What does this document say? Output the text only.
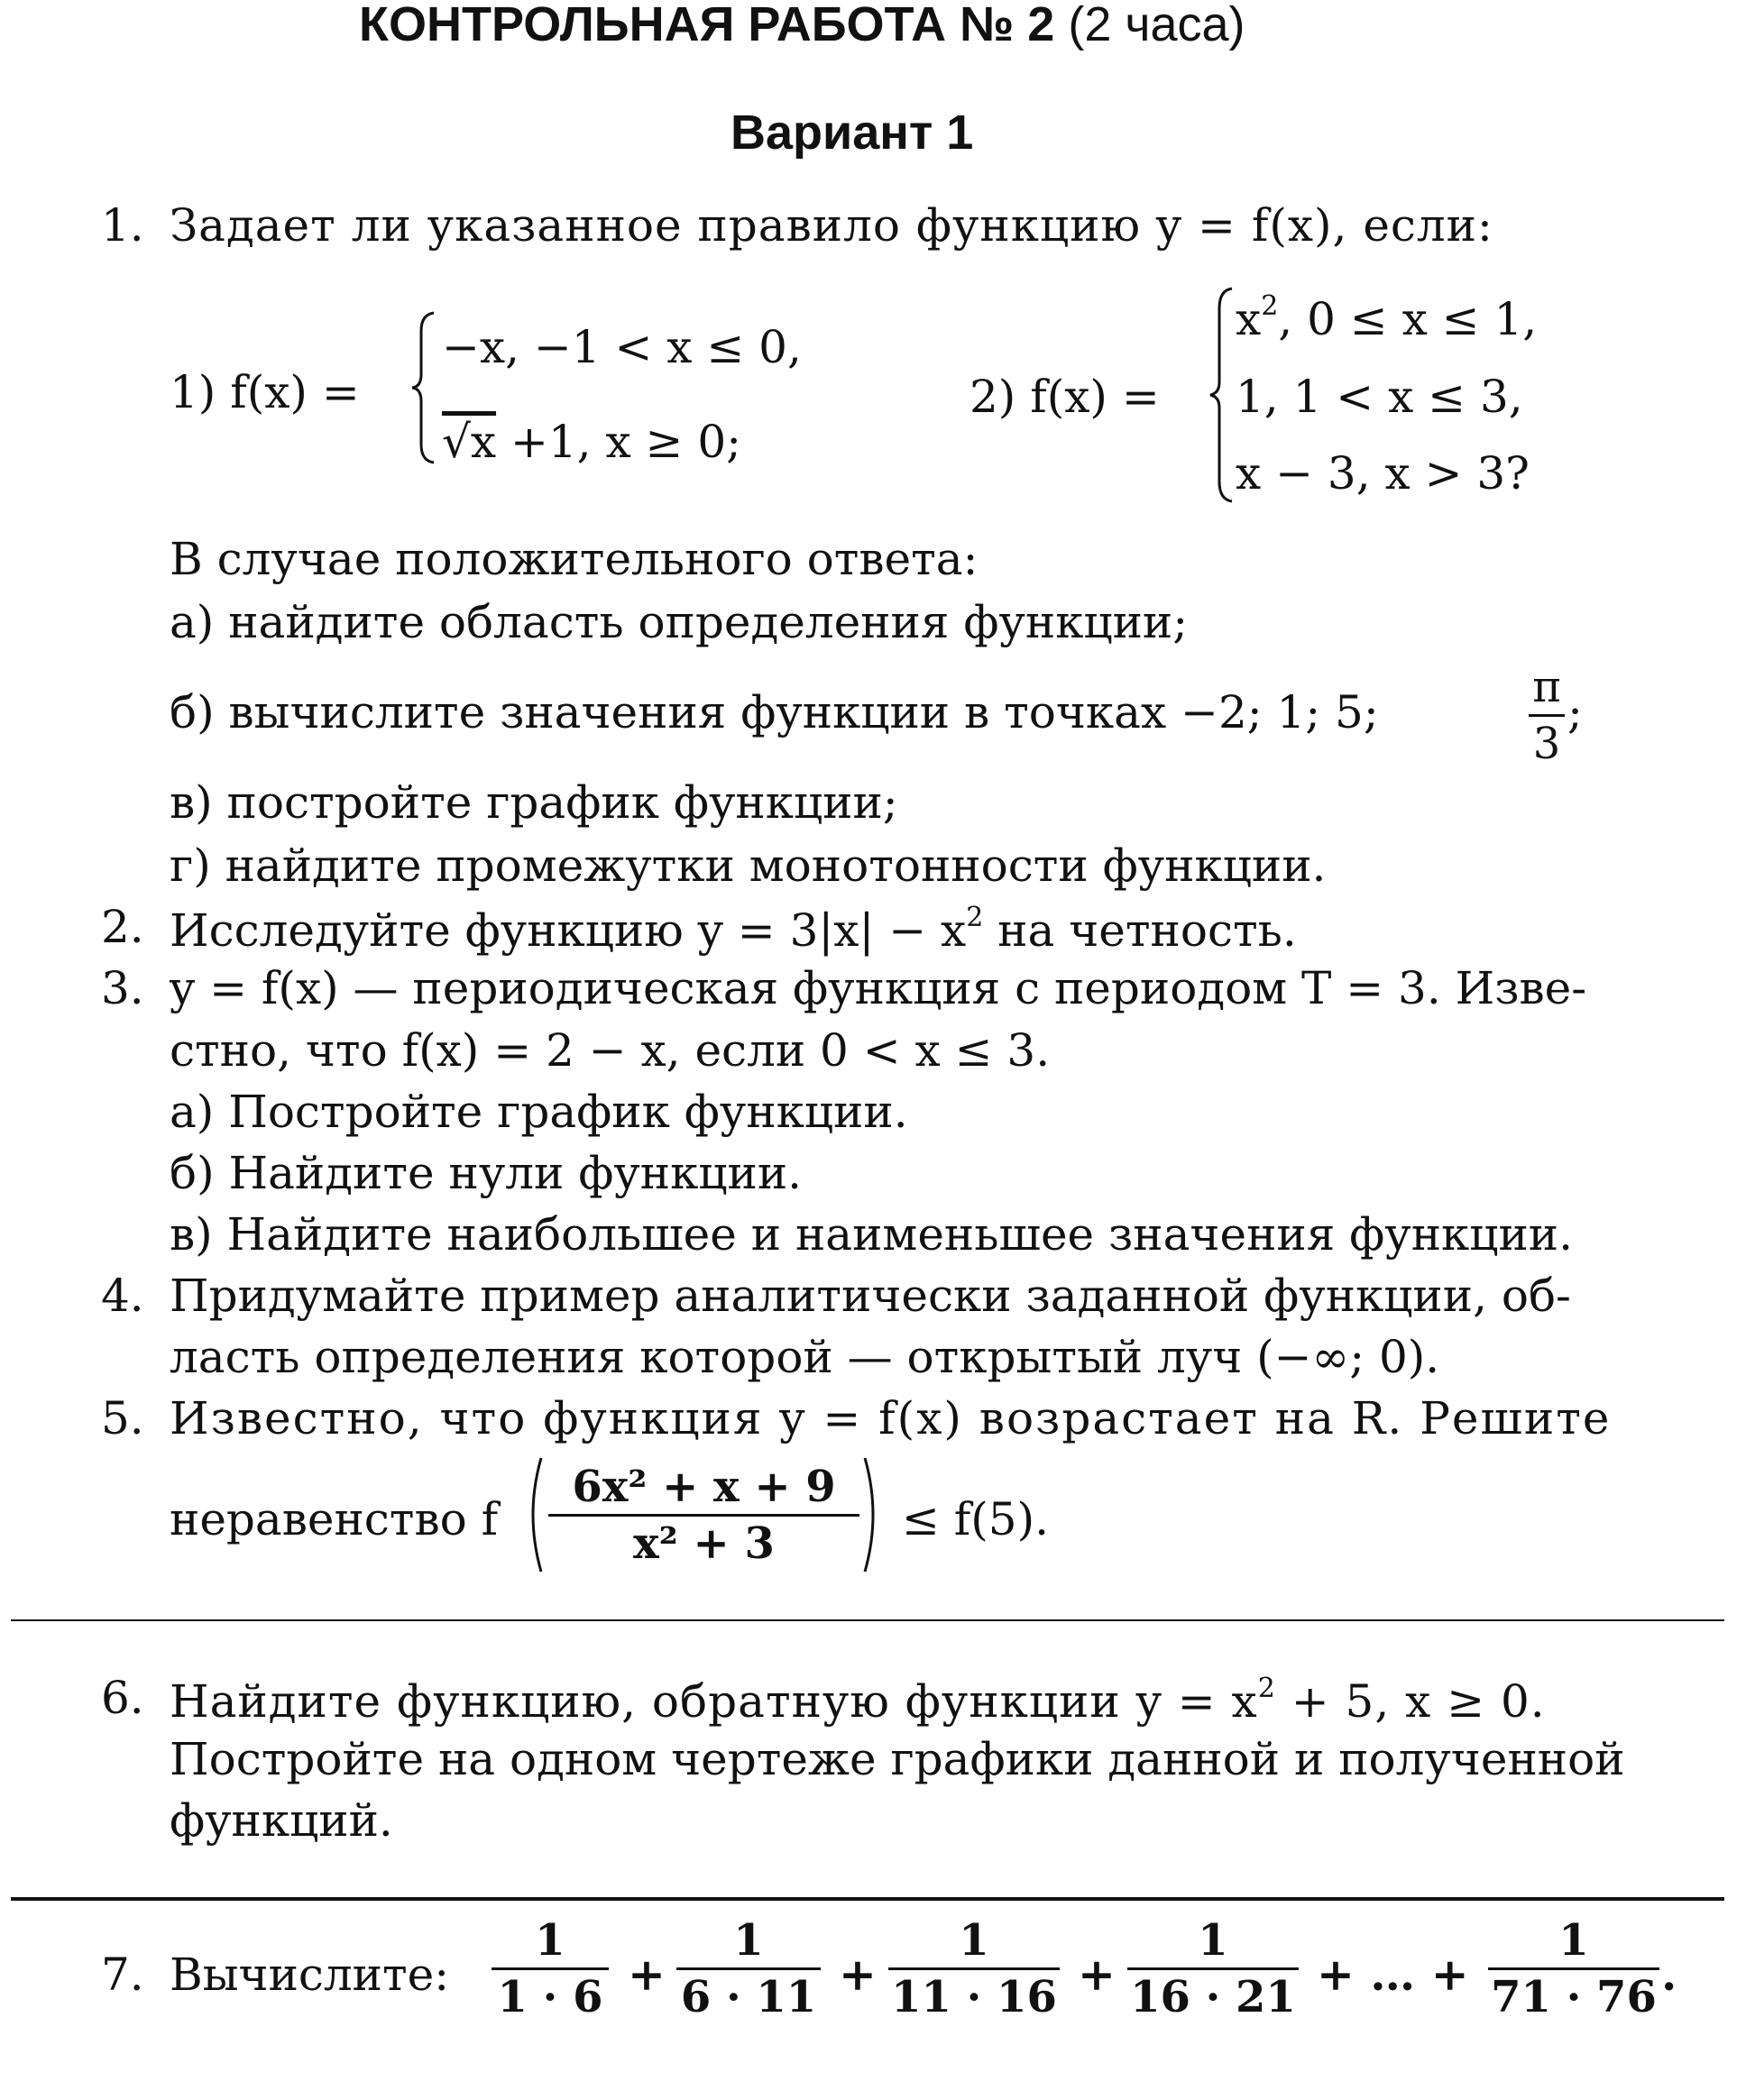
КОНТРОЛЬНАЯ РАБОТА № 2 (2 часа)
Вариант 1
1. Задает ли указанное правило функцию y = f(x), если:
1) f(x) =
−x, −1 < x ≤ 0,
√x +1, x ≥ 0;
2) f(x) =
$x^2$, 0 ≤ x ≤ 1,
1, 1 < x ≤ 3,
x − 3, x > 3?
В случае положительного ответа:
а) найдите область определения функции;
б) вычислите значения функции в точках −2; 1; 5;	π
3
;
в) постройте график функции;
г) найдите промежутки монотонности функции.
2. Исследуйте функцию $y = 3|x| - x^2$ на четность.
3. y = f(x) — периодическая функция с периодом T = 3. Изве-
стно, что f(x) = 2 − x, если 0 < x ≤ 3.
а) Постройте график функции.
б) Найдите нули функции.
в) Найдите наибольшее и наименьшее значения функции.
4. Придумайте пример аналитически заданной функции, об-
ласть определения которой — открытый луч (−∞; 0).
5. Известно, что функция y = f(x) возрастает на R. Решите
неравенство f
6x² + x + 9
x² + 3	≤ f(5).
6. Найдите функцию, обратную функции $y = x^2 + 5$, x ≥ 0.
Постройте на одном чертеже графики данной и полученной
функций.
7. Вычислите:
1
1 · 6 +
1
6 · 11 +
1
11 · 16 +
1
16 · 21 + … +
1
71 · 76 .
